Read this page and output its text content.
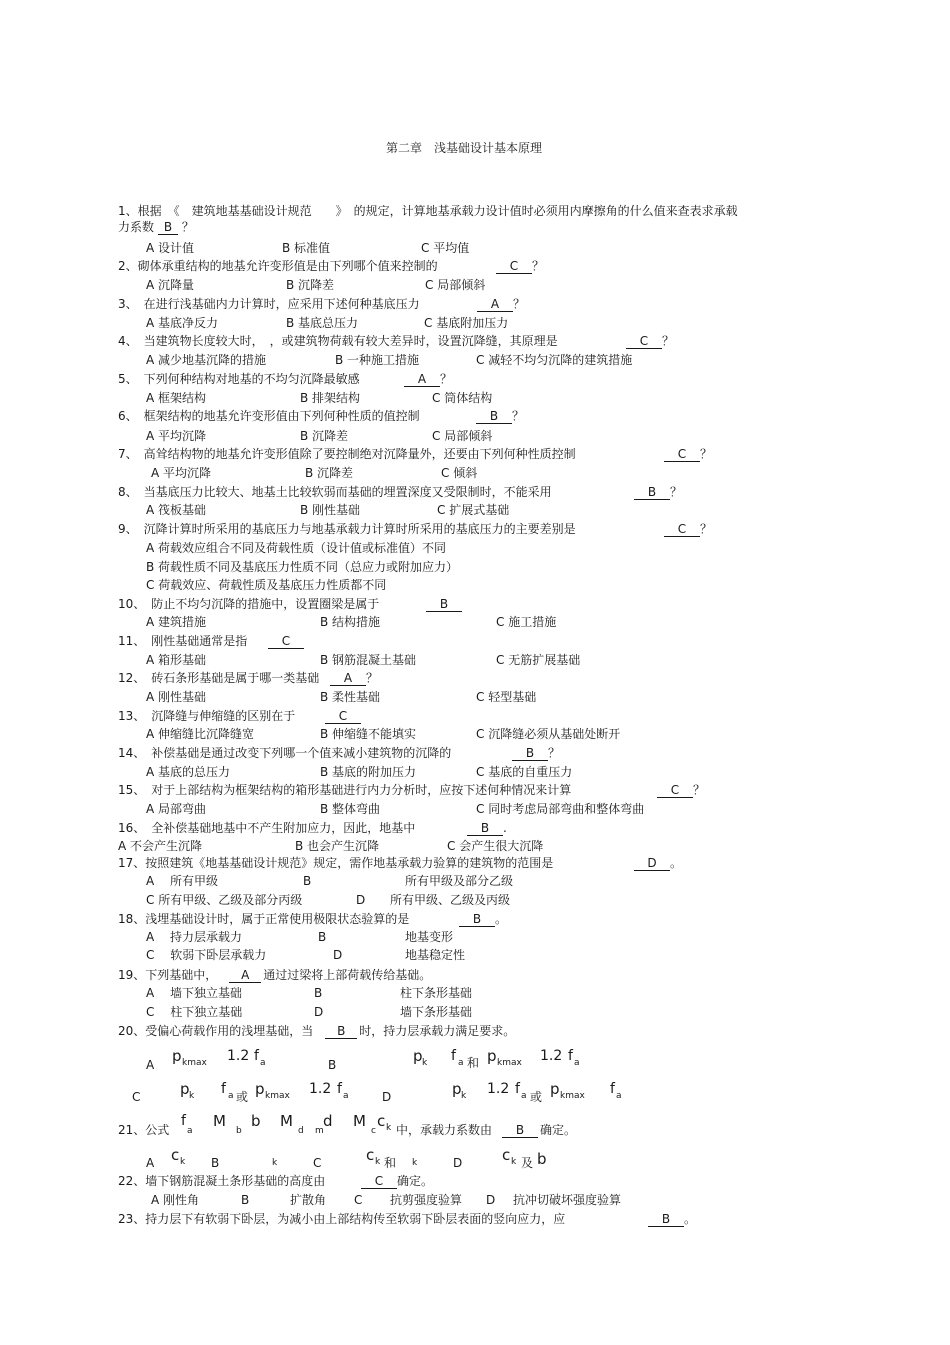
第二章　浅基础设计基本原理
1、根据　《　建筑地基基础设计规范　　》　的规定，计算地基承载力设计值时必须用内摩擦角的什么值来查表求承载
力系数 B ？
A 设计值	B 标准值	C 平均值
2、砌体承重结构的地基允许变形值是由下列哪个值来控制的	C ？
A 沉降量	B 沉降差	C 局部倾斜
3、　在进行浅基础内力计算时，应采用下述何种基底压力	A ？
A 基底净反力	B 基底总压力	C 基底附加压力
4、　当建筑物长度较大时，　，或建筑物荷载有较大差异时，设置沉降缝，其原理是	C ？
A 减少地基沉降的措施	B 一种施工措施	C 减轻不均匀沉降的建筑措施
5、　下列何种结构对地基的不均匀沉降最敏感	A ？
A 框架结构	B 排架结构	C 筒体结构
6、　框架结构的地基允许变形值由下列何种性质的值控制	B ？
A 平均沉降	B 沉降差	C 局部倾斜
7、　高耸结构物的地基允许变形值除了要控制绝对沉降量外，还要由下列何种性质控制	C ？
A 平均沉降	B 沉降差	C 倾斜
8、　当基底压力比较大、地基土比较软弱而基础的埋置深度又受限制时，不能采用	B ？
A 筏板基础	B 刚性基础	C 扩展式基础
9、　沉降计算时所采用的基底压力与地基承载力计算时所采用的基底压力的主要差别是	C ？
A 荷载效应组合不同及荷载性质（设计值或标准值）不同
B 荷载性质不同及基底压力性质不同（总应力或附加应力）
C 荷载效应、荷载性质及基底压力性质都不同
10、　防止不均匀沉降的措施中，设置圈梁是属于	B
A 建筑措施	B 结构措施	C 施工措施
11、　刚性基础通常是指	C
A 箱形基础	B 钢筋混凝土基础	C 无筋扩展基础
12、　砖石条形基础是属于哪一类基础	A ？
A 刚性基础	B 柔性基础	C 轻型基础
13、　沉降缝与伸缩缝的区别在于	C
A 伸缩缝比沉降缝宽	B 伸缩缝不能填实	C 沉降缝必须从基础处断开
14、　补偿基础是通过改变下列哪一个值来减小建筑物的沉降的	B ？
A 基底的总压力	B 基底的附加压力	C 基底的自重压力
15、　对于上部结构为框架结构的箱形基础进行内力分析时，应按下述何种情况来计算	C ？
A 局部弯曲	B 整体弯曲	C 同时考虑局部弯曲和整体弯曲
16、　全补偿基础地基中不产生附加应力，因此，地基中	B .
A 不会产生沉降	B 也会产生沉降	C 会产生很大沉降
17、按照建筑《地基基础设计规范》规定，需作地基承载力验算的建筑物的范围是	D 。
A　 所有甲级	B	所有甲级及部分乙级
C 所有甲级、乙级及部分丙级	D 所有甲级、乙级及丙级
18、浅埋基础设计时，属于正常使用极限状态验算的是	B 。
A　 持力层承载力	B	地基变形
C　 软弱下卧层承载力	D	地基稳定性
19、下列基础中， A 通过过梁将上部荷载传给基础。
A　 墙下独立基础	B	柱下条形基础
C　 柱下独立基础	D	墙下条形基础
20、受偏心荷载作用的浅埋基础，当 B 时，持力层承载力满足要求。
A p kmax 1.2 f a	B	p k f a 和 p kmax 1.2 f a
C	p k f a 或 p kmax 1.2 f a	D	p k 1.2 f a 或 p kmax f a
21、公式
f
a
M
b
b M
d m
d M
c
c k 中，承载力系数由 B 确定。
A c k B	k	C	c k 和 k	D	c k 及 b
22、墙下钢筋混凝土条形基础的高度由	C 确定。
A 刚性角	B	扩散角 C 抗剪强度验算 D 抗冲切破坏强度验算
23、持力层下有软弱下卧层，为减小由上部结构传至软弱下卧层表面的竖向应力，应	B 。
